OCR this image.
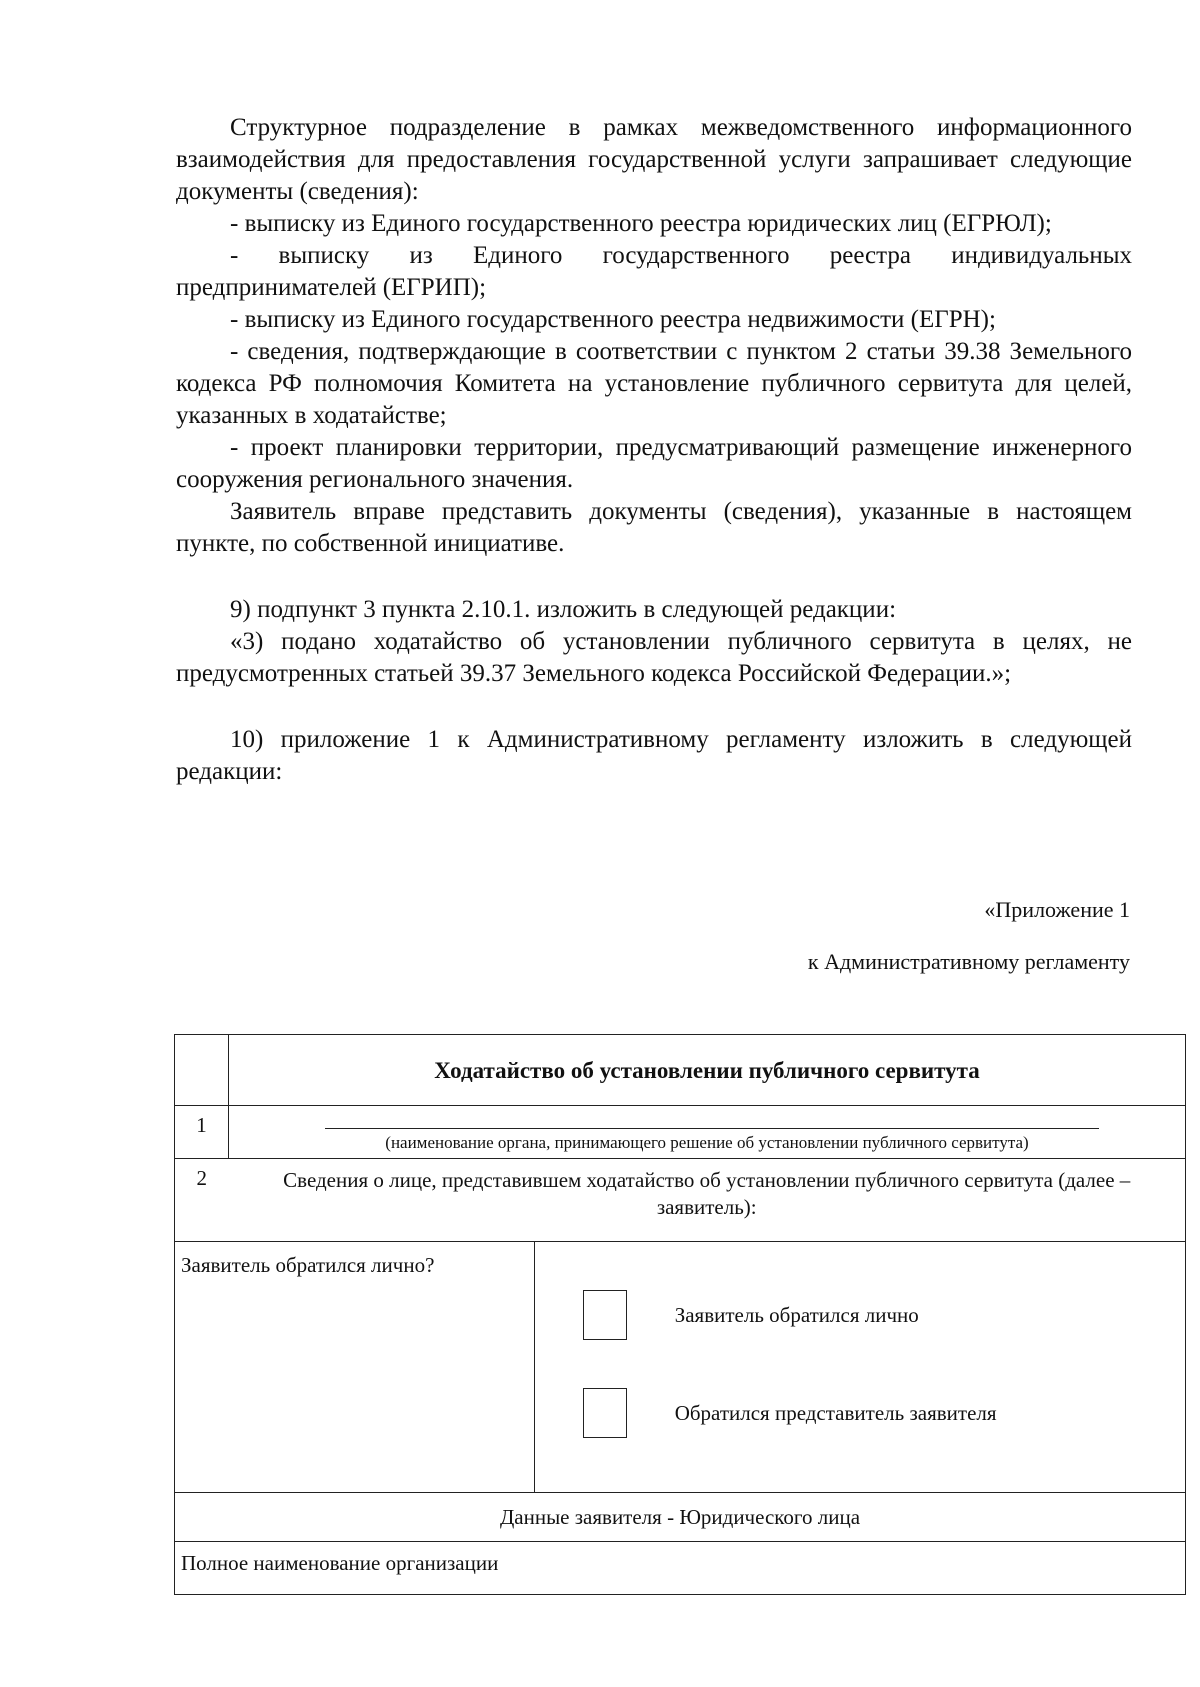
Структурное подразделение в рамках межведомственного информационного взаимодействия для предоставления государственной услуги запрашивает следующие документы (сведения):

- выписку из Единого государственного реестра юридических лиц (ЕГРЮЛ);

- выписку из Единого государственного реестра индивидуальных предпринимателей (ЕГРИП);

- выписку из Единого государственного реестра недвижимости (ЕГРН);

- сведения, подтверждающие в соответствии с пунктом 2 статьи 39.38 Земельного кодекса РФ полномочия Комитета на установление публичного сервитута для целей, указанных в ходатайстве;

- проект планировки территории, предусматривающий размещение инженерного сооружения регионального значения.

Заявитель вправе представить документы (сведения), указанные в настоящем пункте, по собственной инициативе.

9) подпункт 3 пункта 2.10.1. изложить в следующей редакции:

«3) подано ходатайство об установлении публичного сервитута в целях, не предусмотренных статьей 39.37 Земельного кодекса Российской Федерации.»;

10) приложение 1 к Административному регламенту изложить в следующей редакции:

«Приложение 1
к Административному регламенту
	Ходатайство об установлении публичного сервитута	
1	(наименование органа, принимающего решение об установлении публичного сервитута)	

2	Сведения о лице, представившем ходатайство об установлении публичного сервитута (далее – заявитель):	
Заявитель обратился лично?		Заявитель обратился лично
Обратился представитель заявителя

Данные заявителя - Юридического лица		
Полное наименование организации		
